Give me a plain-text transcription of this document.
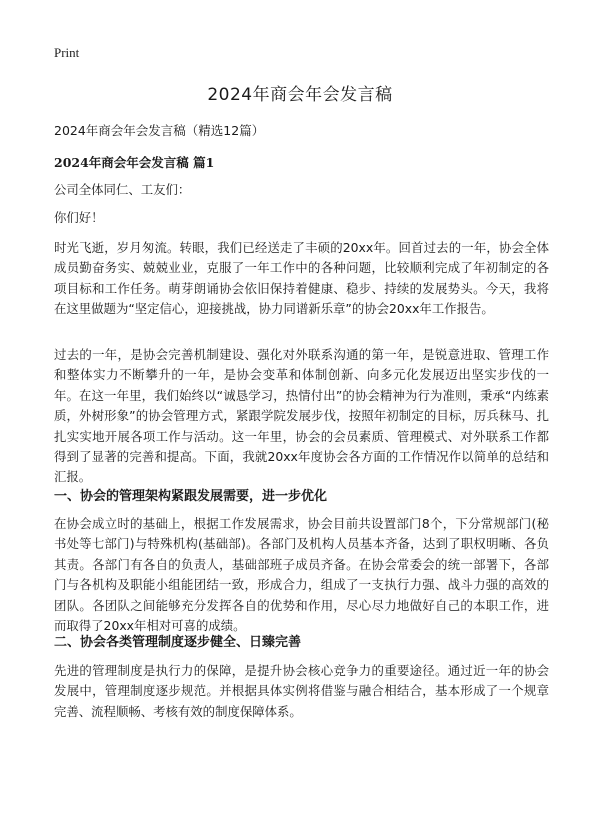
Print
2024年商会年会发言稿

2024年商会年会发言稿（精选12篇）

2024年商会年会发言稿 篇1

公司全体同仁、工友们：

你们好！

时光飞逝，岁月匆流。转眼，我们已经送走了丰硕的20xx年。回首过去的一年，协会全体成员勤奋务实、兢兢业业，克服了一年工作中的各种问题，比较顺利完成了年初制定的各项目标和工作任务。萌芽朗诵协会依旧保持着健康、稳步、持续的发展势头。今天，我将在这里做题为“坚定信心，迎接挑战，协力同谱新乐章”的协会20xx年工作报告。

过去的一年，是协会完善机制建设、强化对外联系沟通的第一年，是锐意进取、管理工作和整体实力不断攀升的一年，是协会变革和体制创新、向多元化发展迈出坚实步伐的一年。在这一年里，我们始终以“诚恳学习，热情付出”的协会精神为行为准则，秉承“内练素质，外树形象”的协会管理方式，紧跟学院发展步伐，按照年初制定的目标，厉兵秣马、扎扎实实地开展各项工作与活动。这一年里，协会的会员素质、管理模式、对外联系工作都得到了显著的完善和提高。下面，我就20xx年度协会各方面的工作情况作以简单的总结和汇报。

一、协会的管理架构紧跟发展需要，进一步优化

在协会成立时的基础上，根据工作发展需求，协会目前共设置部门8个，下分常规部门(秘书处等七部门)与特殊机构(基础部)。各部门及机构人员基本齐备，达到了职权明晰、各负其责。各部门有各自的负责人，基础部班子成员齐备。在协会常委会的统一部署下，各部门与各机构及职能小组能团结一致，形成合力，组成了一支执行力强、战斗力强的高效的团队。各团队之间能够充分发挥各自的优势和作用，尽心尽力地做好自己的本职工作，进而取得了20xx年相对可喜的成绩。

二、协会各类管理制度逐步健全、日臻完善

先进的管理制度是执行力的保障，是提升协会核心竞争力的重要途径。通过近一年的协会发展中，管理制度逐步规范。并根据具体实例将借鉴与融合相结合，基本形成了一个规章完善、流程顺畅、考核有效的制度保障体系。
